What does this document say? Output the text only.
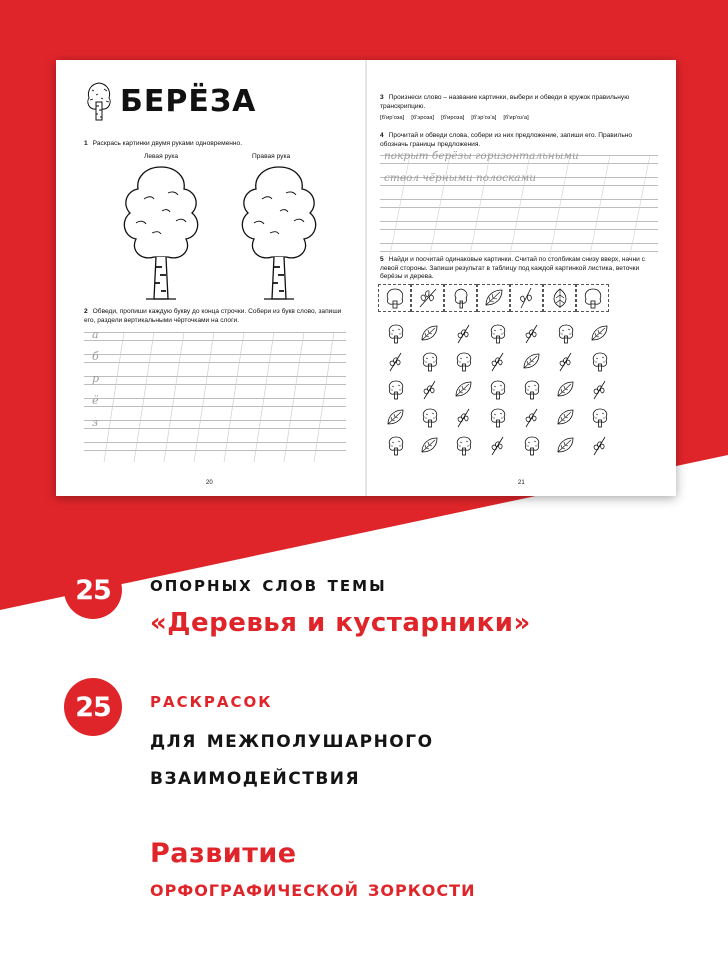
БЕРЁЗА
1 Раскрась картинки двумя руками одновременно.
Левая рука	Правая рука
2 Обведи, пропиши каждую букву до конца строчки. Собери из букв слово, запиши его, раздели вертикальными чёрточками на слоги.
а
б
р
ё
з
20
3 Произнеси слово – название картинки, выбери и обведи в кружок правильную транскрипцию.
[б'ир'оза] [б'эроза] [б'ироза] [б'эр'оз'а] [б'ир'оз'а]
4 Прочитай и обведи слова, собери из них предложение, запиши его. Правильно обозначь границы предложения.
покрыт берёзы горизонтальными
ствол чёрными полосками
5 Найди и посчитай одинаковые картинки. Считай по столбикам снизу вверх, начни с левой стороны. Запиши результат в таблицу под каждой картинкой листика, веточки берёзы и дерева.
21
25	опорных слов темы
«Деревья и кустарники»
25	раскрасок
для межполушарного
взаимодействия
Развитие
орфографической зоркости
